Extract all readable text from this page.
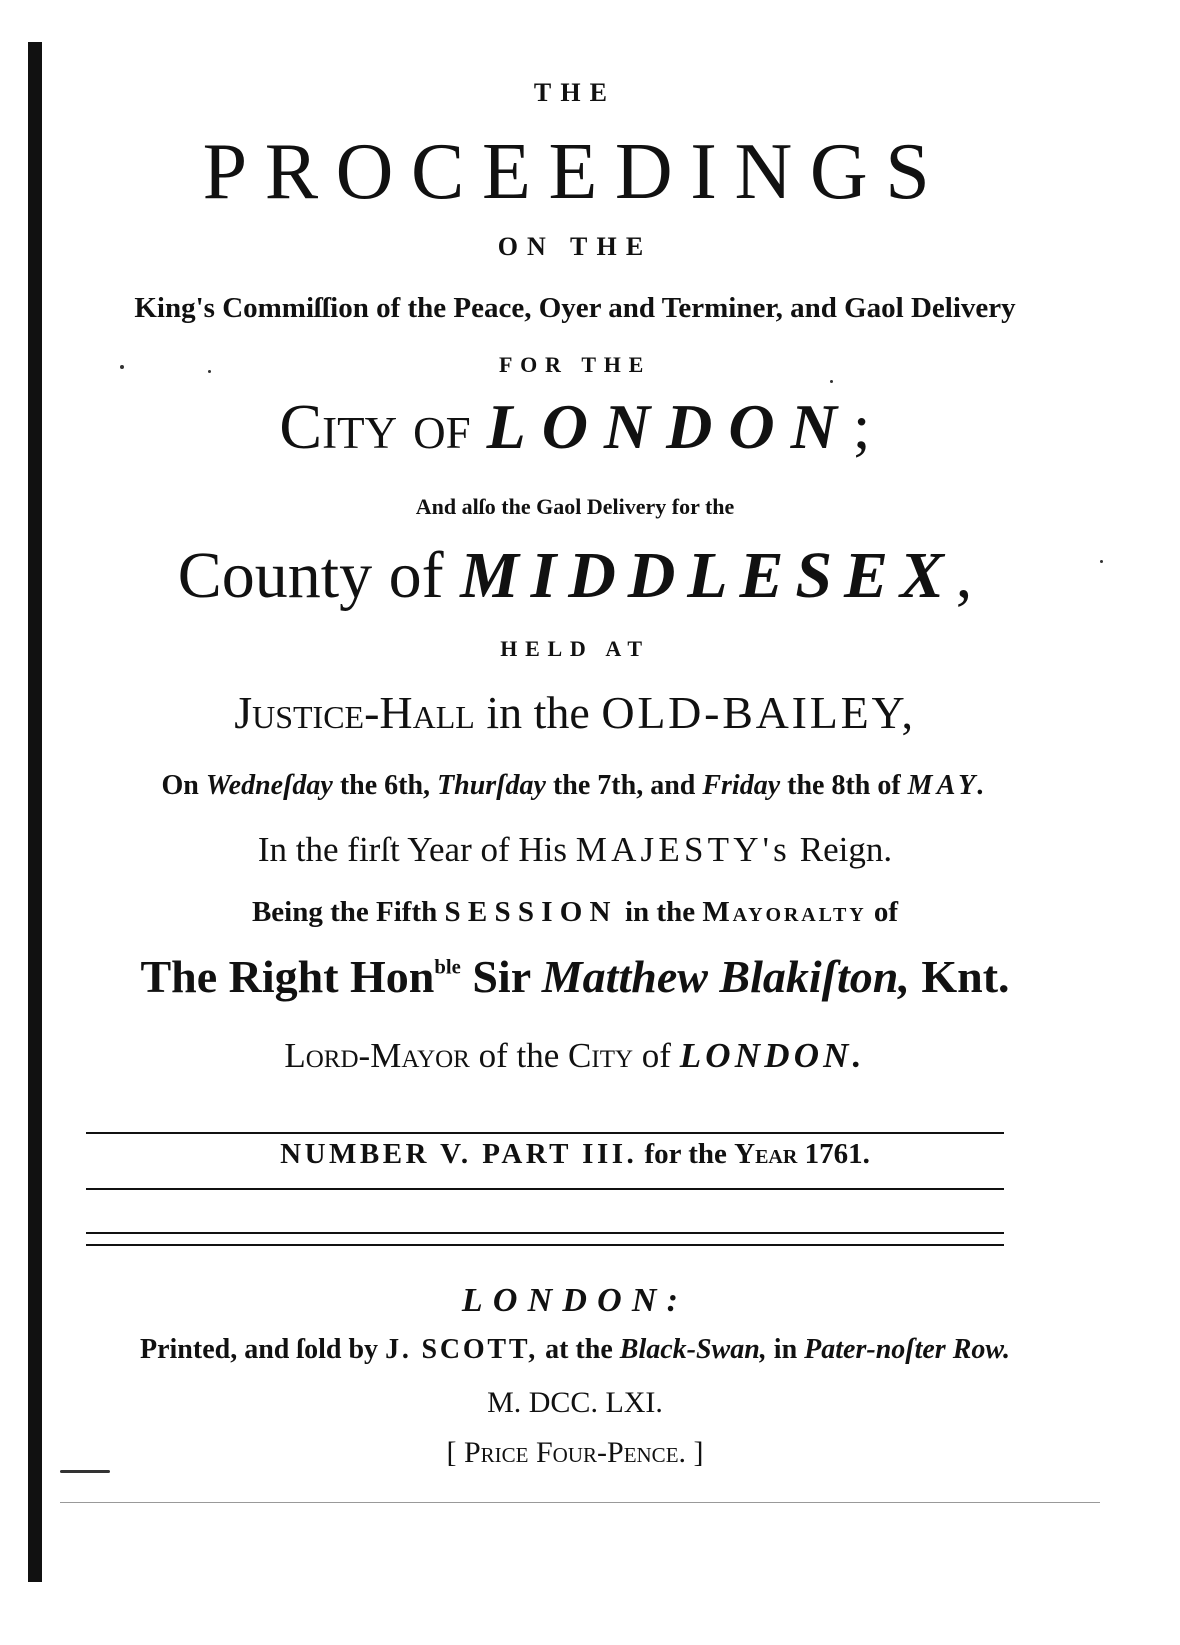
THE
PROCEEDINGS
ON THE
King's Commiſſion of the Peace, Oyer and Terminer, and Gaol Delivery
FOR THE
City of LONDON;
And alſo the Gaol Delivery for the
County of MIDDLESEX,
HELD AT
Justice-Hall in the OLD-BAILEY,
On Wedneſday the 6th, Thurſday the 7th, and Friday the 8th of MAY.
In the firſt Year of His MAJESTY's Reign.
Being the Fifth SESSION in the Mayoralty of
The Right Hon$^{ble}$ Sir Matthew Blakiſton, Knt.
Lord-Mayor of the City of LONDON.
NUMBER V. PART III. for the Year 1761.
LONDON:
Printed, and ſold by J. SCOTT, at the Black-Swan, in Pater-noſter Row.
M. DCC. LXI.
[ Price Four-Pence. ]
